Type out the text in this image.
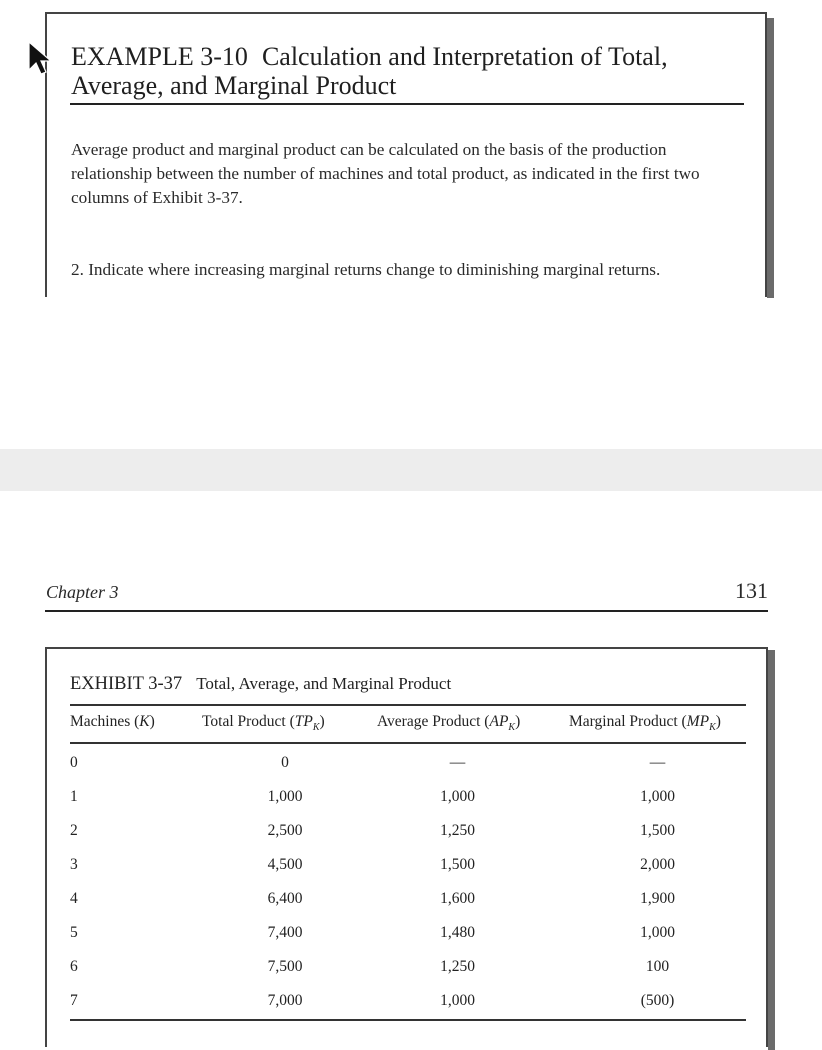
EXAMPLE 3-10 Calculation and Interpretation of Total,
Average, and Marginal Product
Average product and marginal product can be calculated on the basis of the production relationship between the number of machines and total product, as indicated in the first two columns of Exhibit 3-37.
2. Indicate where increasing marginal returns change to diminishing marginal returns.
Chapter 3	131
EXHIBIT 3-37 Total, Average, and Marginal Product
Machines (K)	Total Product $(TP_K)$	Average Product $(AP_K)$	Marginal Product $(MP_K)$
0	0	—	—
1	1,000	1,000	1,000
2	2,500	1,250	1,500
3	4,500	1,500	2,000
4	6,400	1,600	1,900
5	7,400	1,480	1,000
6	7,500	1,250	100
7	7,000	1,000	(500)
